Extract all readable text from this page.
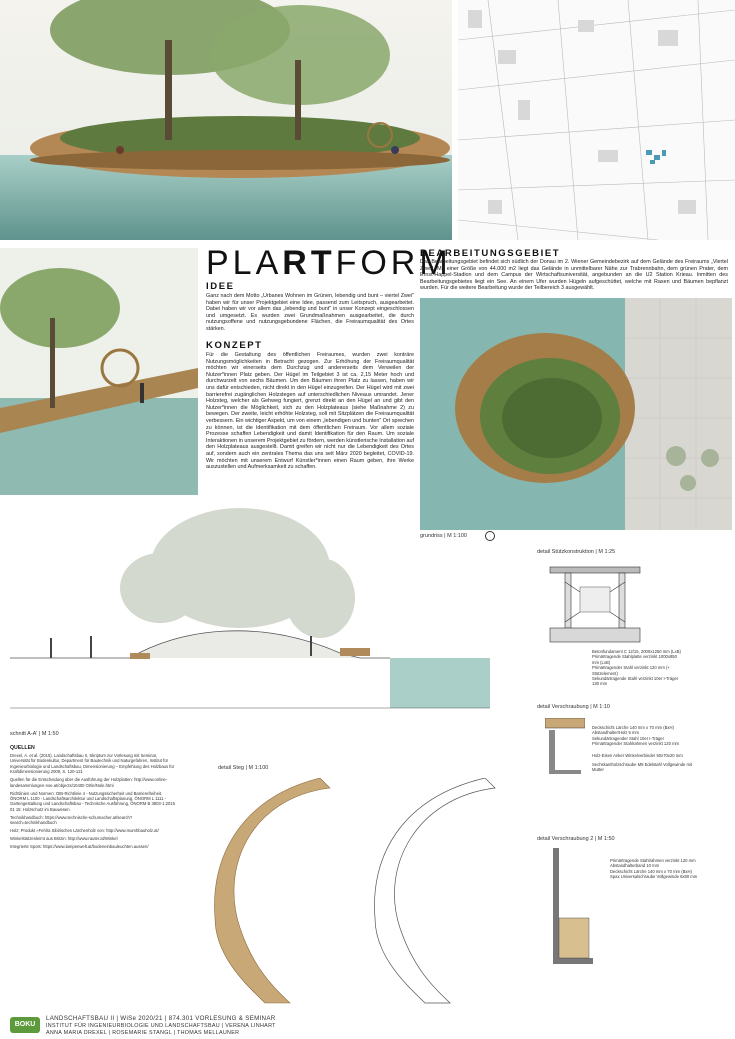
PLARTFORM
IDEE
Ganz nach dem Motto „Urbanes Wohnen im Grünen, lebendig und bunt – viertel Zwei" haben wir für unser Projektgebiet eine Idee, passend zum Leitspruch, ausgearbeitet. Dabei haben wir vor allem das „lebendig und bunt" in unser Konzept eingeschlossen und umgesetzt. Es wurden zwei Grundmaßnahmen ausgearbeitet, die durch nutzungsoffene und nutzungsgebundene Flächen, die Freiraumqualität des Ortes stärken.
KONZEPT
Für die Gestaltung des öffentlichen Freiraumes, wurden zwei konträre Nutzungsmöglichkeiten in Betracht gezogen. Zur Erhöhung der Freiraumqualität möchten wir einerseits dem Durchzug und andererseits dem Verweilen der Nutzer*innen Platz geben. Der Hügel im Teilgebiet 3 ist ca. 2,15 Meter hoch und durchwurzelt von sechs Bäumen. Um den Bäumen ihren Platz zu lassen, haben wir uns dafür entschieden, nicht direkt in den Hügel einzugreifen. Der Hügel wird mit zwei barrierefrei zugänglichen Holzstegen auf unterschiedlichen Niveaus umrandet. Jener Holzsteg, welcher als Gehweg fungiert, grenzt direkt an den Hügel an und gibt den Nutzer*innen die Möglichkeit, sich zu den Holzplateaus (siehe Maßnahme 2) zu bewegen. Der zweite, leicht erhöhte Holzsteg, soll mit Sitzplätzen die Freiraumqualität verbessern. Ein wichtiger Aspekt, um von einem „lebendigen und bunten" Ort sprechen zu können, ist die Identifikation mit dem öffentlichen Freiraum. Vor allem soziale Prozesse schaffen Lebendigkeit und damit Identifikation für den Raum. Um soziale Interaktionen in unserem Projektgebiet zu fördern, werden künstlerische Installation auf den Holzplateaus ausgestellt. Damit greifen wir nicht nur die Lebendigkeit des Ortes auf, sondern auch ein zentrales Thema das uns seit März 2020 begleitet, COVID-19. Wir möchten mit unserem Entwurf Künstler*innen einen Raum geben, ihre Werke auszustellen und Aufmerksamkeit zu schaffen.
BEARBEITUNGSGEBIET
Das Bearbeitungsgebiet befindet sich südlich der Donau im 2. Wiener Gemeindebezirk auf dem Gelände des Freiraums „Viertel Zwei". Mit einer Größe von 44.000 m2 liegt das Gelände in unmittelbarer Nähe zur Trabrennbahn, dem grünen Prater, dem Ernst-Happel-Stadion und dem Campus der Wirtschaftsuniversität, angebunden an die U2 Station Krieau. Inmitten des Bearbeitungsgebietes liegt ein See. An einem Ufer wurden Hügeln aufgeschüttet, welche mit Rasen und Bäumen bepflanzt wurden. Für die weitere Bearbeitung wurde der Teilbereich 3 ausgewählt.
grundriss | M 1:100
schnitt A-A' | M 1:50
detail Stützkonstruktion | M 1:25
Betonfundament C 12/15, 2000x1250 mm (LxB)
Primärtragende Stahlplatte verzinkt 1000x850 mm (LxB)
Primärtragender Stahl verzinkt 120 mm (+ Stützelement)
Sekundärtragende Stahl verzinkt 10er I-Träger 130 mm
detail Verschraubung | M 1:10
Deckschicht Lärche 140 mm x 70 mm (BxH)
Abstandhalter/Holz 5 mm
Sekundärtragender Stahl 10er I-Träger
Primärtragender Stahlrahmen verzinkt 120 mm
Holz-Eisen Anker Winkelverbinder 50x70x20 mm
Sechskantholzschraube M8 Edelstahl Vollgewinde mit Mutter
detail Verschraubung 2 | M 1:50
Primärtragende Stahlrahmen verzinkt 120 mm
Abstandhalterband 10 mm
Deckschicht Lärche 140 mm x 70 mm (BxH)
Spax Universalschraube Vollgewinde 6x80 mm
detail Steg | M 1:100
QUELLEN

Drexel, A. et al. (2015). Landschaftsbau II, Skriptum zur Vorlesung mit Seminar, Universität für Bodenkultur, Department für Bautechnik und Naturgefahren, Institut für Ingenieurbiologie und Landschaftsbau, Dimensionierung – Empfehlung des Holzbaus für Kraftdimensionierung 2009, S. 120-121

Quellen für die Entscheidung über die Ausführung der Holzplatten: http://www.online-landesammlungen-noe.at/objects/10400 Ortle/Nole.html

Richtlinien und Normen: OIB-Richtlinie 4 - Nutzungssicherheit und Barrierefreiheit, ÖNORM L 1100 - Landschaftsarchitektur und Landschaftsplanung, ÖNORM L 1111 - Gartengestaltung und Landschaftsbau - Technische Ausführung, ÖNORM B 3803-1:2015 01 15: Holzschutz im Bauwesen

Technikhandbuch: https://www.technische-schumacher.at/search?search=technikhandbuch

Holz; Produkt »Fehlra Sibirisches Lärchenholz von: http://www.mumhbauholz.at/

Winkelstützenleimt aus Britzin: http://www.rauter.at/Winkel

Integrierte Spots: https://www.lampenwelt.at/bodeneinbauleuchten.aussen/

BOKU
LANDSCHAFTSBAU II | WiSe 2020/21 | 874.301 VORLESUNG & SEMINAR
INSTITUT FÜR INGENIEURBIOLOGIE UND LANDSCHAFTSBAU | VERENA LINHART
ANNA MARIA DREXEL | ROSEMARIE STANGL | THOMAS MELLAUNER
